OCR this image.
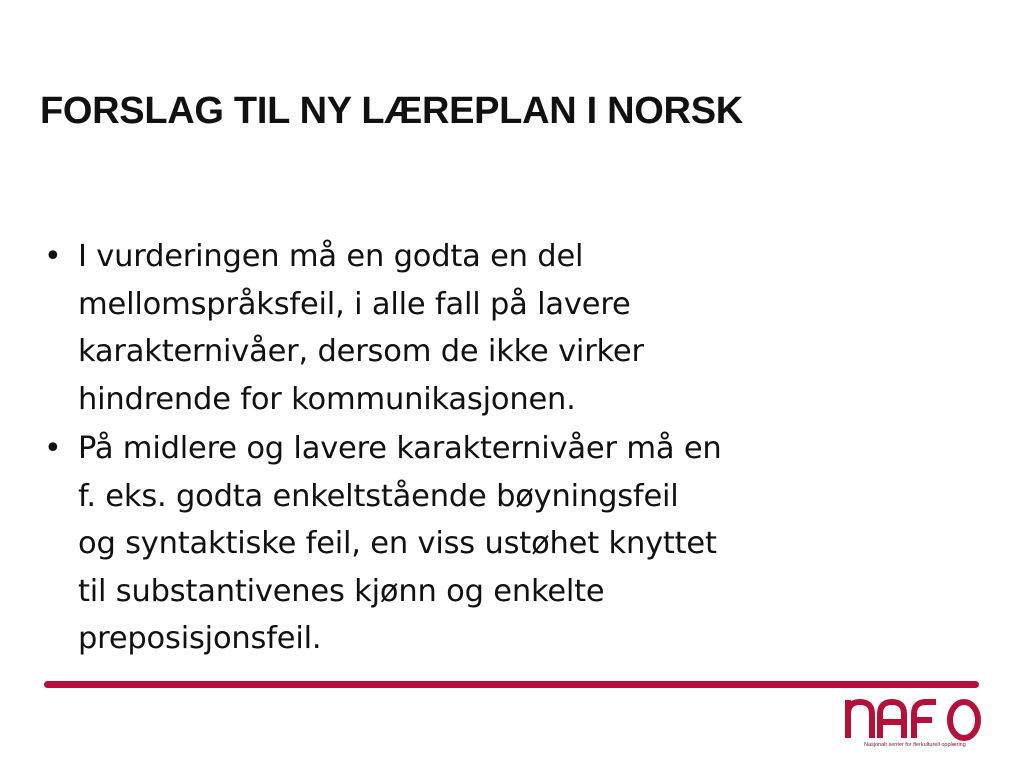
FORSLAG TIL NY LÆREPLAN I NORSK
• I vurderingen må en godta en del
mellomspråksfeil, i alle fall på lavere
karakternivåer, dersom de ikke virker
hindrende for kommunikasjonen.
• På midlere og lavere karakternivåer må en
f. eks. godta enkeltstående bøyningsfeil
og syntaktiske feil, en viss ustøhet knyttet
til substantivenes kjønn og enkelte
preposisjonsfeil.
Nasjonalt senter for flerkulturell opplæring
